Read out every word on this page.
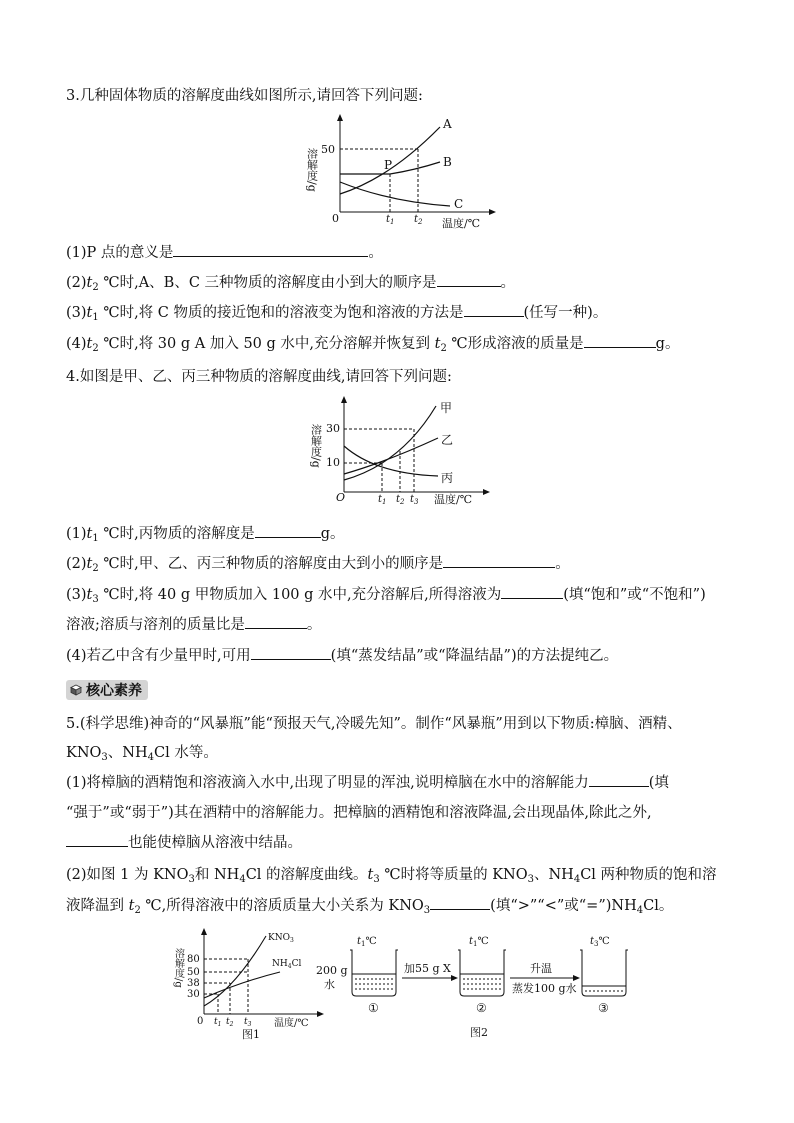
3.几种固体物质的溶解度曲线如图所示,请回答下列问题:
溶解度/g
0
50
A
B
C
P
$t_1$ $t_2$ 温度/℃
(1)P 点的意义是	。
$(2)t_2$ ℃时,A、B、C 三种物质的溶解度由小到大的顺序是	。
$(3)t_1$ ℃时,将 C 物质的接近饱和的溶液变为饱和溶液的方法是	(任写一种)。
$(4)t_2$ ℃时,将 30 g A 加入 50 g 水中,充分溶解并恢复到 $t_2$ ℃形成溶液的质量是	g。
4.如图是甲、乙、丙三种物质的溶解度曲线,请回答下列问题:
溶解度/g
O
30
10
甲
乙
丙
$t_1$ $t_2$ $t_3$ 温度/℃
$(1)t_1$ ℃时,丙物质的溶解度是	g。
$(2)t_2$ ℃时,甲、乙、丙三种物质的溶解度由大到小的顺序是	。
$(3)t_3$ ℃时,将 40 g 甲物质加入 100 g 水中,充分溶解后,所得溶液为	(填“饱和”或“不饱和”)
溶液;溶质与溶剂的质量比是	。
(4)若乙中含有少量甲时,可用	(填“蒸发结晶”或“降温结晶”)的方法提纯乙。
核心素养
5.(科学思维)神奇的“风暴瓶”能“预报天气,冷暖先知”。制作“风暴瓶”用到以下物质:樟脑、酒精、
$KNO_3$、$NH_4Cl$ 水等。
(1)将樟脑的酒精饱和溶液滴入水中,出现了明显的浑浊,说明樟脑在水中的溶解能力	(填
“强于”或“弱于”)其在酒精中的溶解能力。把樟脑的酒精饱和溶液降温,会出现晶体,除此之外,
也能使樟脑从溶液中结晶。
(2)如图 1 为 $KNO_3$和 $NH_4Cl$ 的溶解度曲线。$t_3$ ℃时将等质量的 $KNO_3$、$NH_4Cl$ 两种物质的饱和溶
液降温到 $t_2$ ℃,所得溶液中的溶质质量大小关系为 $KNO_3$	(填“>”“<”或“$=”)NH_4Cl$。
溶解度/g
0
80
50
38
30
$KNO_3$
$NH_4Cl$
$t_1$ $t_2$ $t_3$ 温度/℃
图1
$t_1℃$
200 g
水
①
加55 g X
$t_1℃$
②
升温
蒸发100 g水
$t_3℃$
③
图2
